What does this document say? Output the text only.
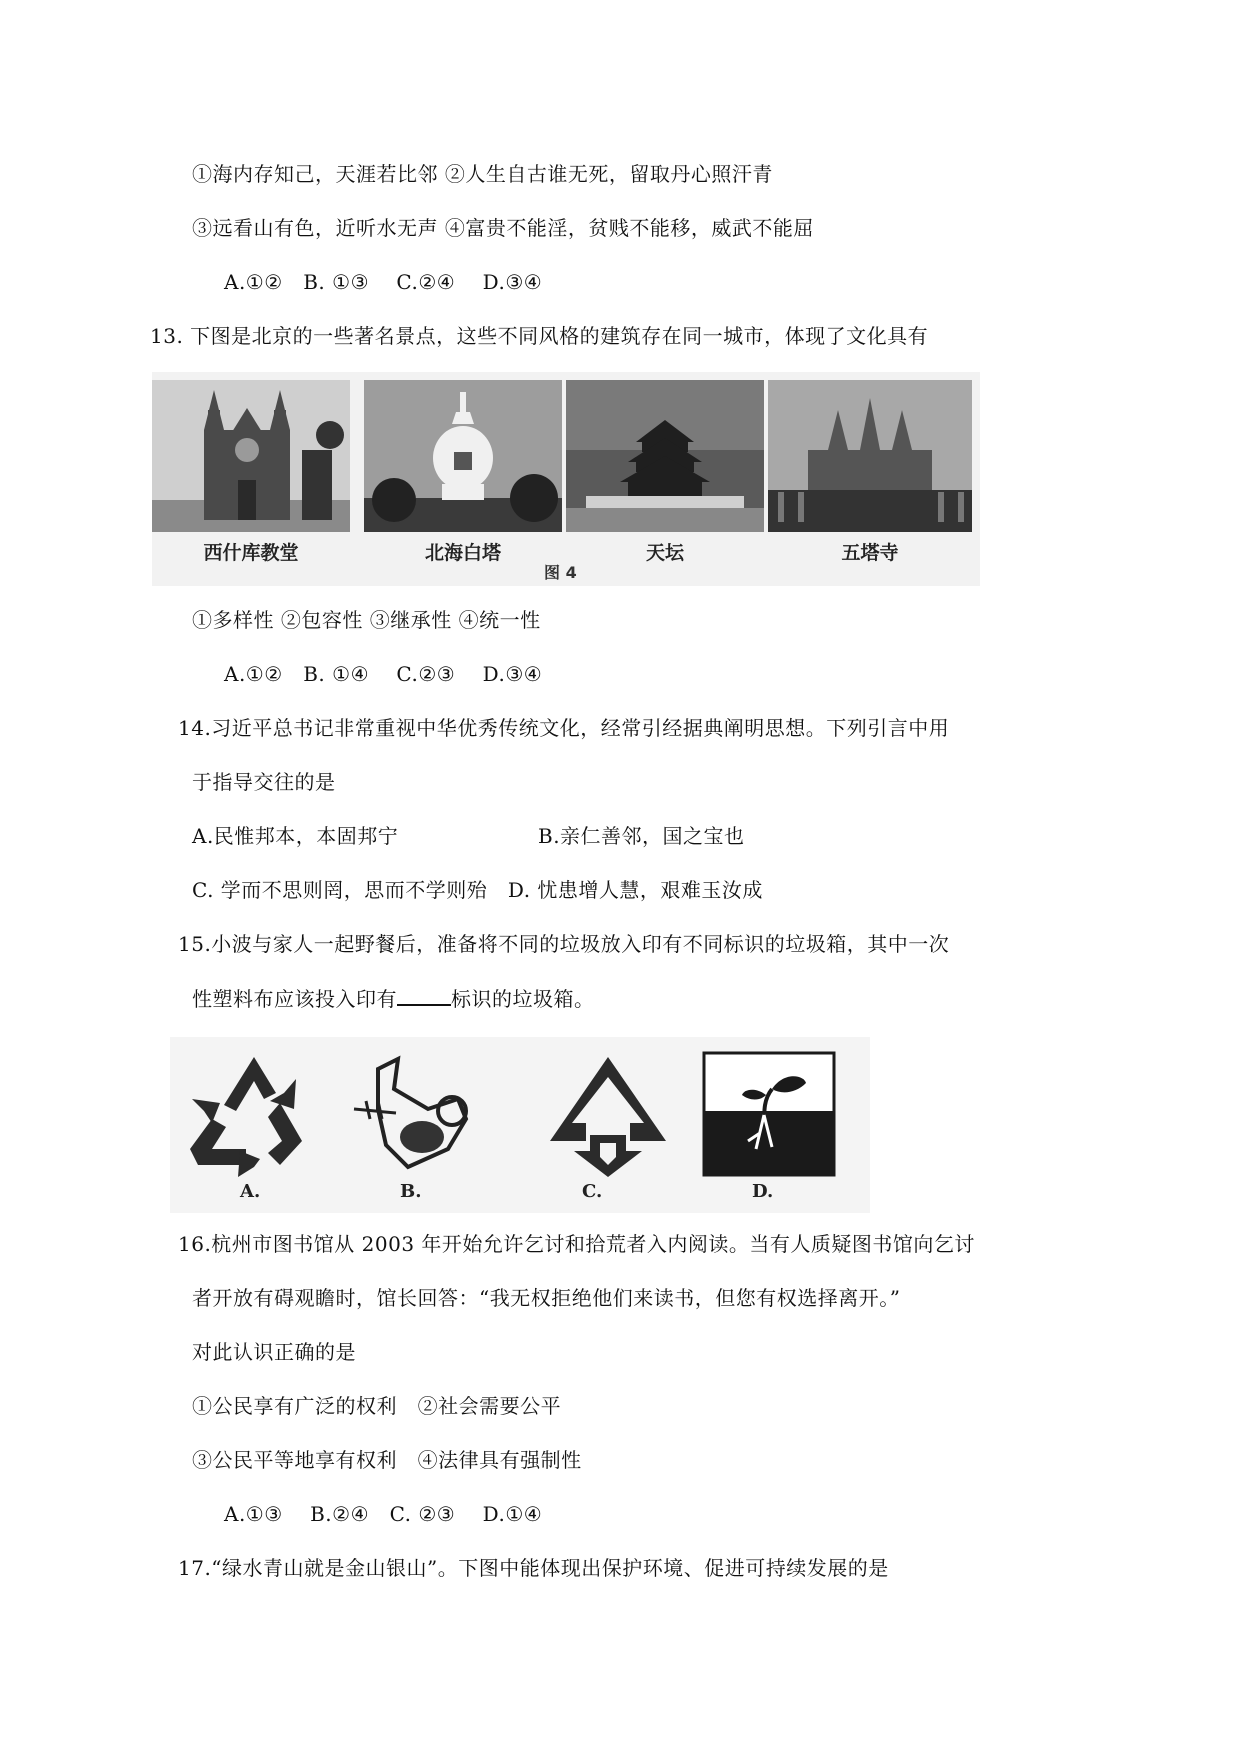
①海内存知己，天涯若比邻 ②人生自古谁无死，留取丹心照汗青
③远看山有色，近听水无声 ④富贵不能淫，贫贱不能移，威武不能屈
A.①②   B. ①③    C.②④    D.③④
13. 下图是北京的一些著名景点，这些不同风格的建筑存在同一城市，体现了文化具有
西什库教堂	北海白塔	天坛	五塔寺
图 4
①多样性 ②包容性 ③继承性 ④统一性
A.①②   B. ①④    C.②③    D.③④
14.习近平总书记非常重视中华优秀传统文化，经常引经据典阐明思想。下列引言中用
于指导交往的是
A.民惟邦本，本固邦宁	B.亲仁善邻，国之宝也
C. 学而不思则罔，思而不学则殆   D. 忧患增人慧，艰难玉汝成
15.小波与家人一起野餐后，准备将不同的垃圾放入印有不同标识的垃圾箱，其中一次
性塑料布应该投入印有	标识的垃圾箱。
A.	B.	C.	D.
16.杭州市图书馆从 2003 年开始允许乞讨和拾荒者入内阅读。当有人质疑图书馆向乞讨
者开放有碍观瞻时，馆长回答：“我无权拒绝他们来读书，但您有权选择离开。”
对此认识正确的是
①公民享有广泛的权利   ②社会需要公平
③公民平等地享有权利   ④法律具有强制性
A.①③    B.②④   C. ②③    D.①④
17.“绿水青山就是金山银山”。下图中能体现出保护环境、促进可持续发展的是
